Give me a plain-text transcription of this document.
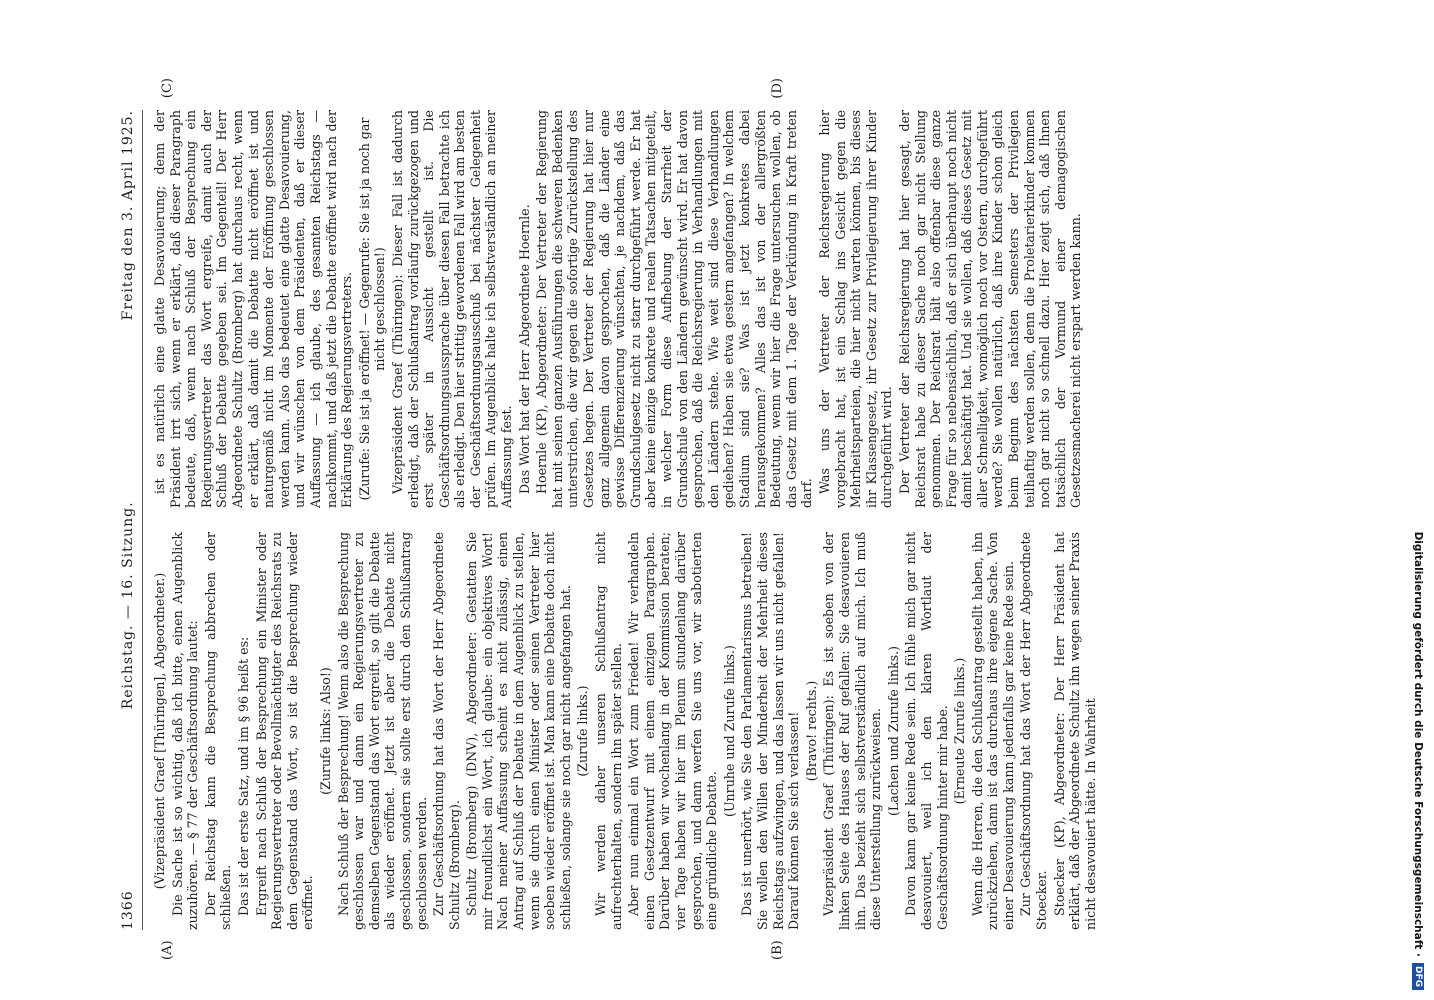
Digitalisierung gefördert durch die Deutsche Forschungsgemeinschaft ·
DFG
1366
Reichstag. — 16. Sitzung.
Freitag den 3. April 1925.
(A)	(B)
(C)	(D)

(Vizepräsident Graef [Thüringen], Abgeordneter.) Die Sache ist so wichtig, daß ich bitte, einen Augenblick zuzuhören. — § 77 der Geschäftsordnung lautet: Der Reichstag kann die Besprechung abbrechen oder schließen. Das ist der erste Satz, und im § 96 heißt es: Ergreift nach Schluß der Besprechung ein Minister oder Regierungsvertreter oder Bevollmächtigter des Reichsrats zu dem Gegenstand das Wort, so ist die Besprechung wieder eröffnet.

(Zurufe links: Also!) Nach Schluß der Besprechung! Wenn also die Besprechung geschlossen war und dann ein Regierungsvertreter zu demselben Gegenstand das Wort ergreift, so gilt die Debatte als wieder eröffnet. Jetzt ist aber die Debatte nicht geschlossen, sondern sie sollte erst durch den Schlußantrag geschlossen werden. Zur Geschäftsordnung hat das Wort der Herr Abgeordnete Schultz (Bromberg). Schultz (Bromberg) (DNV), Abgeordneter: Gestatten Sie mir freundlichst ein Wort, ich glaube: ein objektives Wort! Nach meiner Auffassung scheint es nicht zulässig, einen Antrag auf Schluß der Debatte in dem Augenblick zu stellen, wenn sie durch einen Minister oder seinen Vertreter hier soeben wieder eröffnet ist. Man kann eine Debatte doch nicht schließen, solange sie noch gar nicht angefangen hat. (Zurufe links.) Wir werden daher unseren Schlußantrag nicht aufrechterhalten, sondern ihn später stellen. Aber nun einmal ein Wort zum Frieden! Wir verhandeln einen Gesetzentwurf mit einem einzigen Paragraphen. Darüber haben wir wochenlang in der Kommission beraten; vier Tage haben wir hier im Plenum stundenlang darüber gesprochen, und dann werfen Sie uns vor, wir sabotierten eine gründliche Debatte.

(Unruhe und Zurufe links.) Das ist unerhört, wie Sie den Parlamentarismus betreiben! Sie wollen den Willen der Minderheit der Mehrheit dieses Reichstags aufzwingen, und das lassen wir uns nicht gefallen! Darauf können Sie sich verlassen! (Bravo! rechts.) Vizepräsident Graef (Thüringen): Es ist soeben von der linken Seite des Hauses der Ruf gefallen: Sie desavouieren ihn. Das bezieht sich selbstverständlich auf mich. Ich muß diese Unterstellung zurückweisen. (Lachen und Zurufe links.) Davon kann gar keine Rede sein. Ich fühle mich gar nicht desavouiert, weil ich den klaren Wortlaut der Geschäftsordnung hinter mir habe. (Erneute Zurufe links.) Wenn die Herren, die den Schlußantrag gestellt haben, ihn zurückziehen, dann ist das durchaus ihre eigene Sache. Von einer Desavouierung kann jedenfalls gar keine Rede sein. Zur Geschäftsordnung hat das Wort der Herr Abgeordnete Stoecker. Stoecker (KP), Abgeordneter: Der Herr Präsident hat erklärt, daß der Abgeordnete Schultz ihn wegen seiner Praxis nicht desavouiert hätte. In Wahrheit

ist es natürlich eine glatte Desavouierung; denn der Präsident irrt sich, wenn er erklärt, daß dieser Paragraph bedeute, daß, wenn nach Schluß der Besprechung ein Regierungsvertreter das Wort ergreife, damit auch der Schluß der Debatte gegeben sei. Im Gegenteil! Der Herr Abgeordnete Schultz (Bromberg) hat durchaus recht, wenn er erklärt, daß damit die Debatte nicht eröffnet ist und naturgemäß nicht im Momente der Eröffnung geschlossen werden kann. Also das bedeutet eine glatte Desavouierung, und wir wünschen von dem Präsidenten, daß er dieser Auffassung — ich glaube, des gesamten Reichstags — nachkommt, und daß jetzt die Debatte eröffnet wird nach der Erklärung des Regierungsvertreters. (Zurufe: Sie ist ja eröffnet! — Gegenrufe: Sie ist ja noch gar nicht geschlossen!) Vizepräsident Graef (Thüringen): Dieser Fall ist dadurch erledigt, daß der Schlußantrag vorläufig zurückgezogen und erst später in Aussicht gestellt ist. Die Geschäftsordnungsaussprache über diesen Fall betrachte ich als erledigt. Den hier strittig gewordenen Fall wird am besten der Geschäftsordnungsausschuß bei nächster Gelegenheit prüfen. Im Augenblick halte ich selbstverständlich an meiner Auffassung fest. Das Wort hat der Herr Abgeordnete Hoernle. Hoernle (KP), Abgeordneter: Der Vertreter der Regierung hat mit seinen ganzen Ausführungen die schweren Bedenken unterstrichen, die wir gegen die sofortige Zurückstellung des Gesetzes hegen. Der Vertreter der Regierung hat hier nur ganz allgemein davon gesprochen, daß die Länder eine gewisse Differenzierung wünschten, je nachdem, daß das Grundschulgesetz nicht zu starr durchgeführt werde. Er hat aber keine einzige konkrete und realen Tatsachen mitgeteilt, in welcher Form diese Aufhebung der Starrheit der Grundschule von den Ländern gewünscht wird. Er hat davon gesprochen, daß die Reichsregierung in Verhandlungen mit den Ländern stehe. Wie weit sind diese Verhandlungen gediehen? Haben sie etwa gestern angefangen? In welchem Stadium sind sie? Was ist jetzt konkretes dabei herausgekommen? Alles das ist von der allergrößten Bedeutung, wenn wir hier die Frage untersuchen wollen, ob das Gesetz mit dem 1. Tage der Verkündung in Kraft treten darf. Was uns der Vertreter der Reichsregierung hier vorgebracht hat, ist ein Schlag ins Gesicht gegen die Mehrheitsparteien, die hier nicht warten können, bis dieses ihr Klassengesetz, ihr Gesetz zur Privilegierung ihrer Kinder durchgeführt wird. Der Vertreter der Reichsregierung hat hier gesagt, der Reichsrat habe zu dieser Sache noch gar nicht Stellung genommen. Der Reichsrat hält also offenbar diese ganze Frage für so nebensächlich, daß er sich überhaupt noch nicht damit beschäftigt hat. Und sie wollen, daß dieses Gesetz mit aller Schnelligkeit, womöglich noch vor Ostern, durchgeführt werde? Sie wollen natürlich, daß ihre Kinder schon gleich beim Beginn des nächsten Semesters der Privilegien teilhaftig werden sollen, denn die Proletarierkinder kommen noch gar nicht so schnell dazu. Hier zeigt sich, daß Ihnen tatsächlich der Vormund einer demagogischen Gesetzesmacherei nicht erspart werden kann.
